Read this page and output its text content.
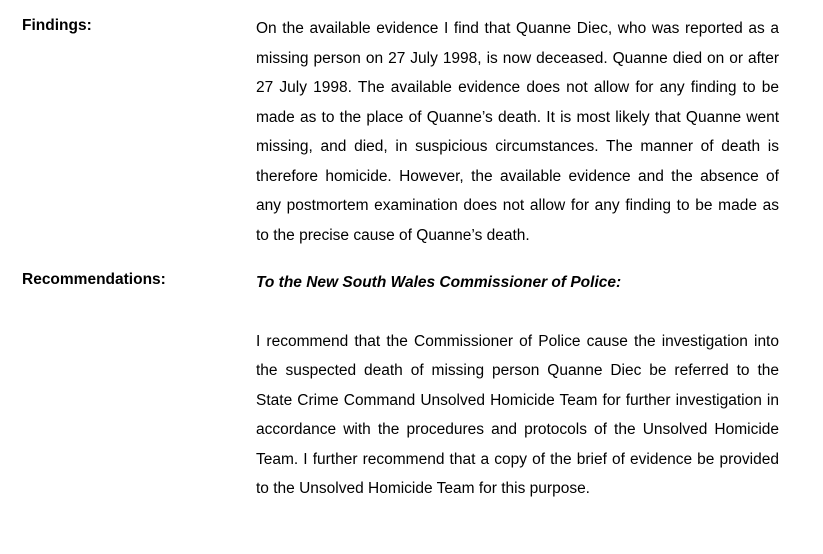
Findings:	On the available evidence I find that Quanne Diec, who was reported as a missing person on 27 July 1998, is now deceased. Quanne died on or after 27 July 1998. The available evidence does not allow for any finding to be made as to the place of Quanne’s death. It is most likely that Quanne went missing, and died, in suspicious circumstances. The manner of death is therefore homicide. However, the available evidence and the absence of any postmortem examination does not allow for any finding to be made as to the precise cause of Quanne’s death.

Recommendations:	To the New South Wales Commissioner of Police:

I recommend that the Commissioner of Police cause the investigation into the suspected death of missing person Quanne Diec be referred to the State Crime Command Unsolved Homicide Team for further investigation in accordance with the procedures and protocols of the Unsolved Homicide Team. I further recommend that a copy of the brief of evidence be provided to the Unsolved Homicide Team for this purpose.
